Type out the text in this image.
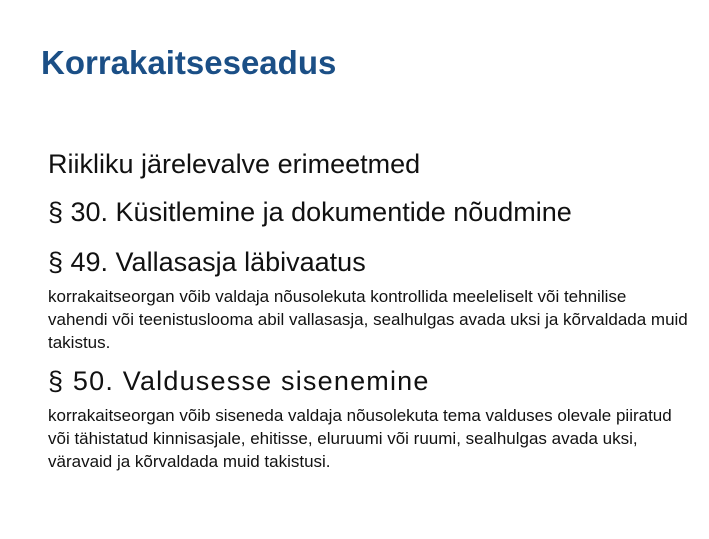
Korrakaitseseadus
Riikliku järelevalve erimeetmed
§ 30. Küsitlemine ja dokumentide nõudmine
§ 49. Vallasasja läbivaatus
korrakaitseorgan võib valdaja nõusolekuta kontrollida meeleliselt või tehnilise vahendi või teenistuslooma abil vallasasja, sealhulgas avada uksi ja kõrvaldada muid takistus.
§ 50. Valdusesse sisenemine
korrakaitseorgan võib siseneda valdaja nõusolekuta tema valduses olevale piiratud või tähistatud kinnisasjale, ehitisse, eluruumi või ruumi, sealhulgas avada uksi, väravaid ja kõrvaldada muid takistusi.
